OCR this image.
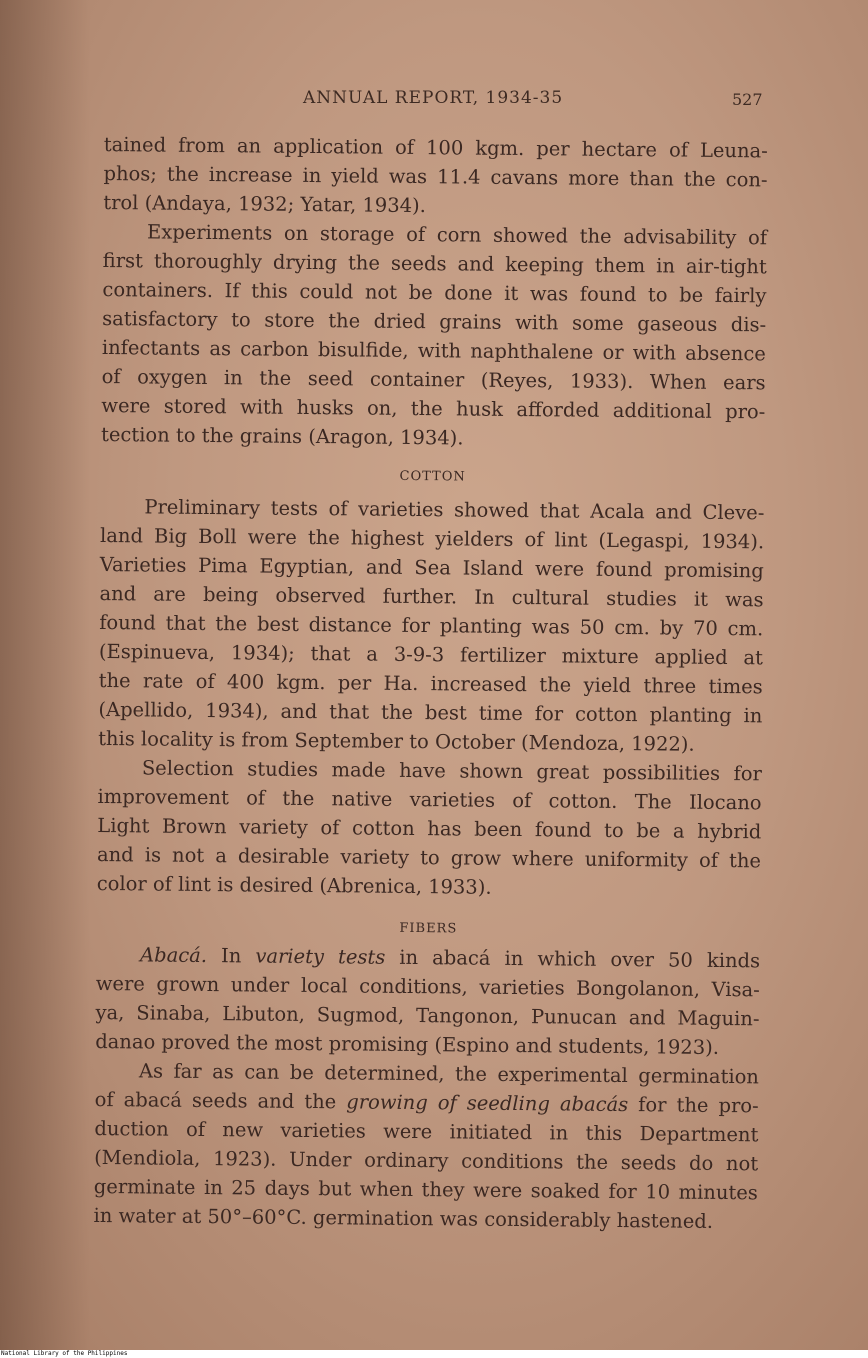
ANNUAL REPORT, 1934-35	527
tained from an application of 100 kgm. per hectare of Leuna-
phos; the increase in yield was 11.4 cavans more than the con-
trol (Andaya, 1932; Yatar, 1934).
Experiments on storage of corn showed the advisability of
first thoroughly drying the seeds and keeping them in air-tight
containers. If this could not be done it was found to be fairly
satisfactory to store the dried grains with some gaseous dis-
infectants as carbon bisulfide, with naphthalene or with absence
of oxygen in the seed container (Reyes, 1933). When ears
were stored with husks on, the husk afforded additional pro-
tection to the grains (Aragon, 1934).
COTTON
Preliminary tests of varieties showed that Acala and Cleve-
land Big Boll were the highest yielders of lint (Legaspi, 1934).
Varieties Pima Egyptian, and Sea Island were found promising
and are being observed further. In cultural studies it was
found that the best distance for planting was 50 cm. by 70 cm.
(Espinueva, 1934); that a 3-9-3 fertilizer mixture applied at
the rate of 400 kgm. per Ha. increased the yield three times
(Apellido, 1934), and that the best time for cotton planting in
this locality is from September to October (Mendoza, 1922).
Selection studies made have shown great possibilities for
improvement of the native varieties of cotton. The Ilocano
Light Brown variety of cotton has been found to be a hybrid
and is not a desirable variety to grow where uniformity of the
color of lint is desired (Abrenica, 1933).
FIBERS
Abacá. In variety tests in abacá in which over 50 kinds
were grown under local conditions, varieties Bongolanon, Visa-
ya, Sinaba, Libuton, Sugmod, Tangonon, Punucan and Maguin-
danao proved the most promising (Espino and students, 1923).
As far as can be determined, the experimental germination
of abacá seeds and the growing of seedling abacás for the pro-
duction of new varieties were initiated in this Department
(Mendiola, 1923). Under ordinary conditions the seeds do not
germinate in 25 days but when they were soaked for 10 minutes
in water at 50°–60°C. germination was considerably hastened.
National Library of the Philippines
